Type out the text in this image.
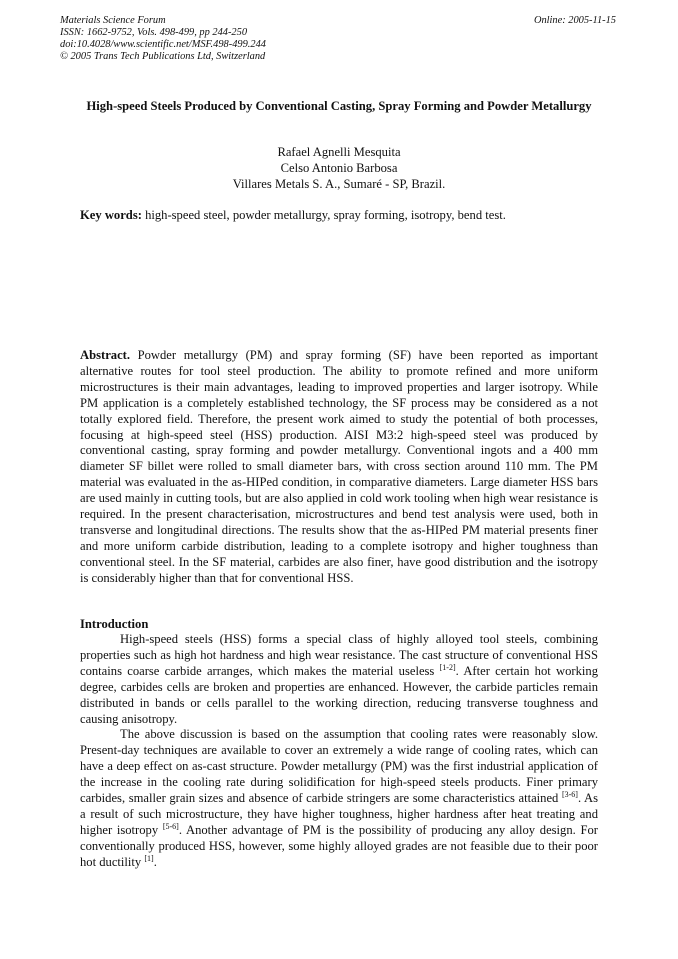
Materials Science Forum
ISSN: 1662-9752, Vols. 498-499, pp 244-250
doi:10.4028/www.scientific.net/MSF.498-499.244
© 2005 Trans Tech Publications Ltd, Switzerland
Online: 2005-11-15
High-speed Steels Produced by Conventional Casting, Spray Forming and Powder Metallurgy
Rafael Agnelli Mesquita
Celso Antonio Barbosa
Villares Metals S. A., Sumaré - SP, Brazil.
Key words: high-speed steel, powder metallurgy, spray forming, isotropy, bend test.
Abstract. Powder metallurgy (PM) and spray forming (SF) have been reported as important alternative routes for tool steel production. The ability to promote refined and more uniform microstructures is their main advantages, leading to improved properties and larger isotropy. While PM application is a completely established technology, the SF process may be considered as a not totally explored field. Therefore, the present work aimed to study the potential of both processes, focusing at high-speed steel (HSS) production. AISI M3:2 high-speed steel was produced by conventional casting, spray forming and powder metallurgy. Conventional ingots and a 400 mm diameter SF billet were rolled to small diameter bars, with cross section around 110 mm. The PM material was evaluated in the as-HIPed condition, in comparative diameters. Large diameter HSS bars are used mainly in cutting tools, but are also applied in cold work tooling when high wear resistance is required. In the present characterisation, microstructures and bend test analysis were used, both in transverse and longitudinal directions. The results show that the as-HIPed PM material presents finer and more uniform carbide distribution, leading to a complete isotropy and higher toughness than conventional steel. In the SF material, carbides are also finer, have good distribution and the isotropy is considerably higher than that for conventional HSS.
Introduction

High-speed steels (HSS) forms a special class of highly alloyed tool steels, combining properties such as high hot hardness and high wear resistance. The cast structure of conventional HSS contains coarse carbide arranges, which makes the material useless [1-2]. After certain hot working degree, carbides cells are broken and properties are enhanced. However, the carbide particles remain distributed in bands or cells parallel to the working direction, reducing transverse toughness and causing anisotropy.

The above discussion is based on the assumption that cooling rates were reasonably slow. Present-day techniques are available to cover an extremely a wide range of cooling rates, which can have a deep effect on as-cast structure. Powder metallurgy (PM) was the first industrial application of the increase in the cooling rate during solidification for high-speed steels products. Finer primary carbides, smaller grain sizes and absence of carbide stringers are some characteristics attained [3-6]. As a result of such microstructure, they have higher toughness, higher hardness after heat treating and higher isotropy [5-6]. Another advantage of PM is the possibility of producing any alloy design. For conventionally produced HSS, however, some highly alloyed grades are not feasible due to their poor hot ductility [1].
